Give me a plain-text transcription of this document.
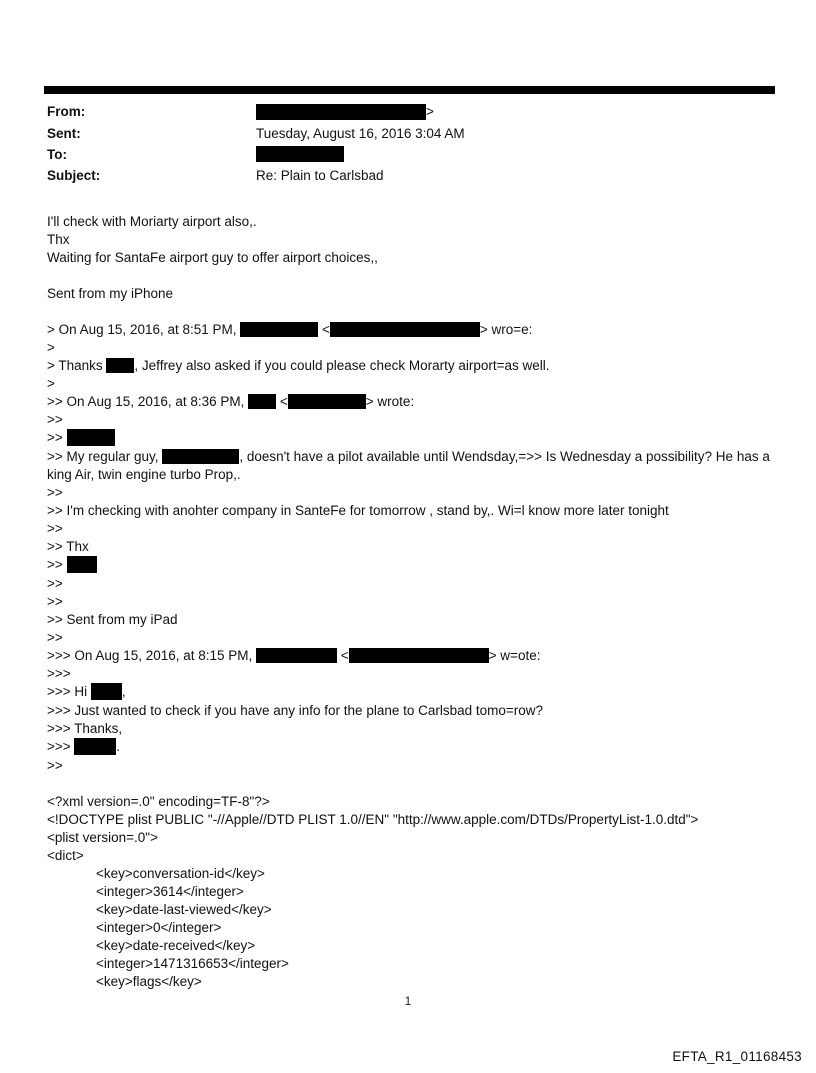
From:	>
Sent:	Tuesday, August 16, 2016 3:04 AM
To:
Subject:	Re: Plain to Carlsbad
I'll check with Moriarty airport also,.
Thx
Waiting for SantaFe airport guy to offer airport choices,,

Sent from my iPhone

> On Aug 15, 2016, at 8:51 PM,	<	> wro=e:
>
> Thanks , Jeffrey also asked if you could please check Morarty airport=as well.
>
>> On Aug 15, 2016, at 8:36 PM,  <	> wrote:
>>
>>
>> My regular guy,	, doesn't have a pilot available until Wendsday,=>> Is Wednesday a possibility? He has a king Air, twin engine turbo Prop,.
>>
>> I'm checking with anohter company in SanteFe for tomorrow , stand by,. Wi=l know more later tonight
>>
>> Thx
>>
>>
>>
>> Sent from my iPad
>>
>>> On Aug 15, 2016, at 8:15 PM,	<	> w=ote:
>>>
>>> Hi ,
>>> Just wanted to check if you have any info for the plane to Carlsbad tomo=row?
>>> Thanks,
>>>	.
>>

<?xml version=.0" encoding=TF-8"?>
<!DOCTYPE plist PUBLIC "-//Apple//DTD PLIST 1.0//EN" "http://www.apple.com/DTDs/PropertyList-1.0.dtd">
<plist version=.0">
<dict>
<key>conversation-id</key>
<integer>3614</integer>
<key>date-last-viewed</key>
<integer>0</integer>
<key>date-received</key>
<integer>1471316653</integer>
<key>flags</key>
1
EFTA_R1_01168453
